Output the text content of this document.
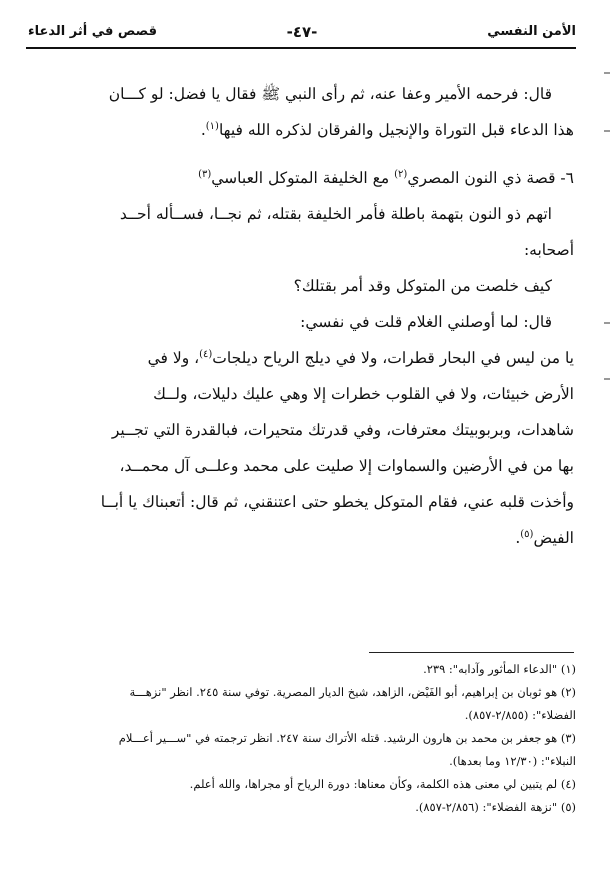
الأمن النفسي
-٤٧-
قصص في أثر الدعاء

قال: فرحمه الأمير وعفا عنه، ثم رأى النبي ﷺ فقال يا فضل: لو كـــان
هذا الدعاء قبل التوراة والإنجيل والفرقان لذكره الله فيها$^{(١)}$.

٦- قصة ذي النون المصري$^{(٢)}$ مع الخليفة المتوكل العباسي$^{(٣)}$

اتهم ذو النون بتهمة باطلة فأمر الخليفة بقتله، ثم نجــا، فســأله أحــد
أصحابه:

كيف خلصت من المتوكل وقد أمر بقتلك؟

قال: لما أوصلني الغلام قلت في نفسي:

يا من ليس في البحار قطرات، ولا في ديلج الرياح ديلجات$^{(٤)}$، ولا في
الأرض خبيئات، ولا في القلوب خطرات إلا وهي عليك دليلات، ولــك
شاهدات، وبربوبيتك معترفات، وفي قدرتك متحيرات، فبالقدرة التي تجــير
بها من في الأرضين والسماوات إلا صليت على محمد وعلــى آل محمــد،
وأخذت قلبه عني، فقام المتوكل يخطو حتى اعتنقني، ثم قال: أتعبناك يا أبــا
الفيض$^{(٥)}$.

(١) "الدعاء المأثور وآدابه": ٢٣٩.

(٢) هو ثوبان بن إبراهيم، أبو الفَيْض، الزاهد، شيخ الديار المصرية. توفي سنة ٢٤٥. انظر "نزهـــة
الفضلاء": (٢/٨٥٥-٨٥٧).

(٣) هو جعفر بن محمد بن هارون الرشيد. قتله الأتراك سنة ٢٤٧. انظر ترجمته في "ســـير أعـــلام
النبلاء": (١٢/٣٠ وما بعدها).

(٤) لم يتبين لي معنى هذه الكلمة، وكأن معناها: دورة الرياح أو مجراها، والله أعلم.

(٥) "نزهة الفضلاء": (٢/٨٥٦-٨٥٧).
